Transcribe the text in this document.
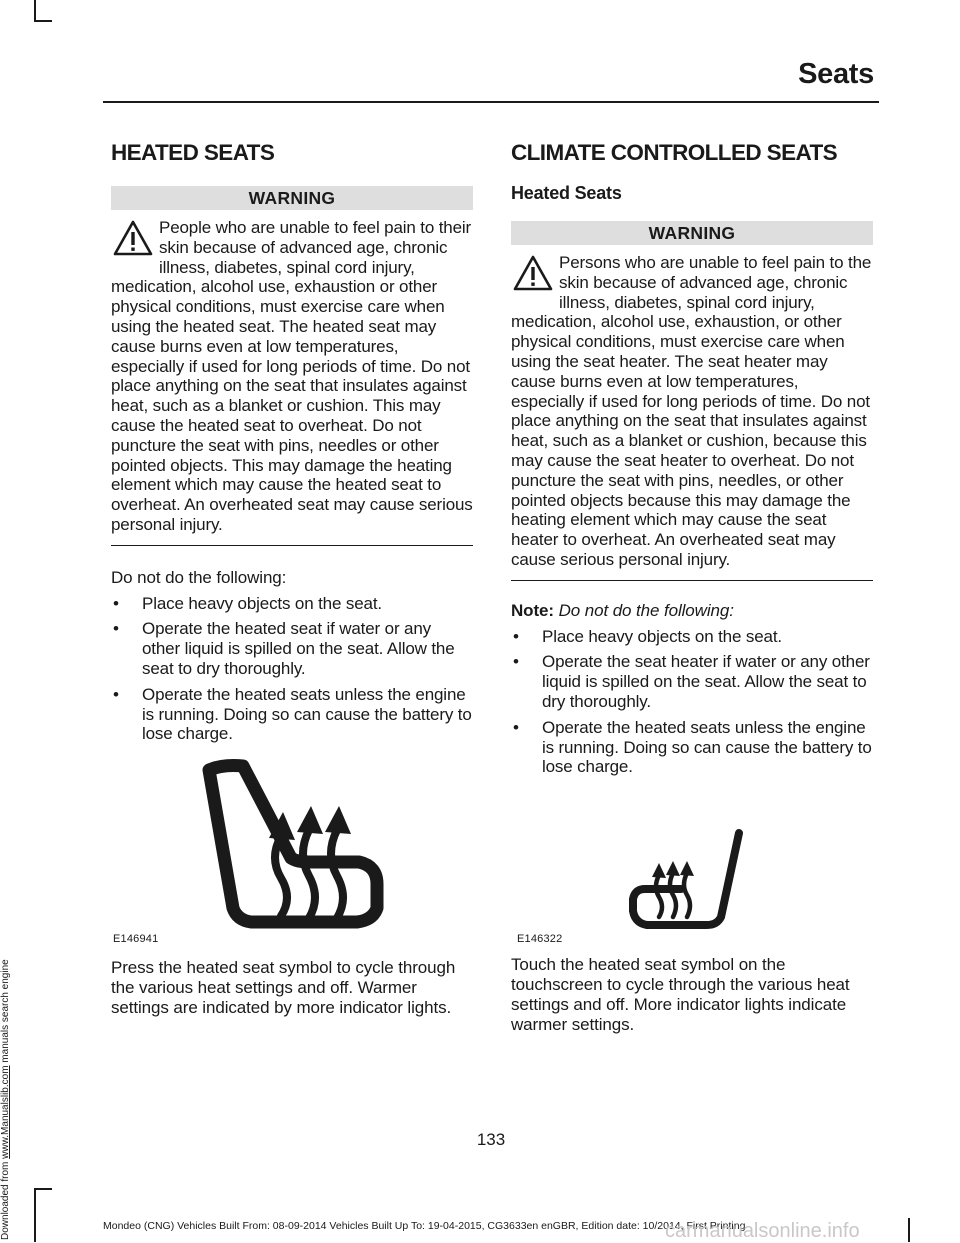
Seats
HEATED SEATS
WARNING
People who are unable to feel pain to their skin because of advanced age, chronic illness, diabetes, spinal cord injury, medication, alcohol use, exhaustion or other physical conditions, must exercise care when using the heated seat. The heated seat may cause burns even at low temperatures, especially if used for long periods of time. Do not place anything on the seat that insulates against heat, such as a blanket or cushion. This may cause the heated seat to overheat. Do not puncture the seat with pins, needles or other pointed objects. This may damage the heating element which may cause the heated seat to overheat. An overheated seat may cause serious personal injury.

Do not do the following:

• Place heavy objects on the seat.
• Operate the heated seat if water or any other liquid is spilled on the seat. Allow the seat to dry thoroughly.
• Operate the heated seats unless the engine is running. Doing so can cause the battery to lose charge.
E146941

Press the heated seat symbol to cycle through the various heat settings and off. Warmer settings are indicated by more indicator lights.

CLIMATE CONTROLLED SEATS
Heated Seats
WARNING
Persons who are unable to feel pain to the skin because of advanced age, chronic illness, diabetes, spinal cord injury, medication, alcohol use, exhaustion, or other physical conditions, must exercise care when using the seat heater. The seat heater may cause burns even at low temperatures, especially if used for long periods of time. Do not place anything on the seat that insulates against heat, such as a blanket or cushion, because this may cause the seat heater to overheat. Do not puncture the seat with pins, needles, or other pointed objects because this may damage the heating element which may cause the seat heater to overheat. An overheated seat may cause serious personal injury.

Note: Do not do the following:

• Place heavy objects on the seat.
• Operate the seat heater if water or any other liquid is spilled on the seat. Allow the seat to dry thoroughly.
• Operate the heated seats unless the engine is running. Doing so can cause the battery to lose charge.
E146322

Touch the heated seat symbol on the touchscreen to cycle through the various heat settings and off. More indicator lights indicate warmer settings.

133
Mondeo (CNG) Vehicles Built From: 08-09-2014 Vehicles Built Up To: 19-04-2015, CG3633en enGBR, Edition date: 10/2014, First Printing
carmanualsonline.info
Downloaded from www.Manualslib.com manuals search engine
